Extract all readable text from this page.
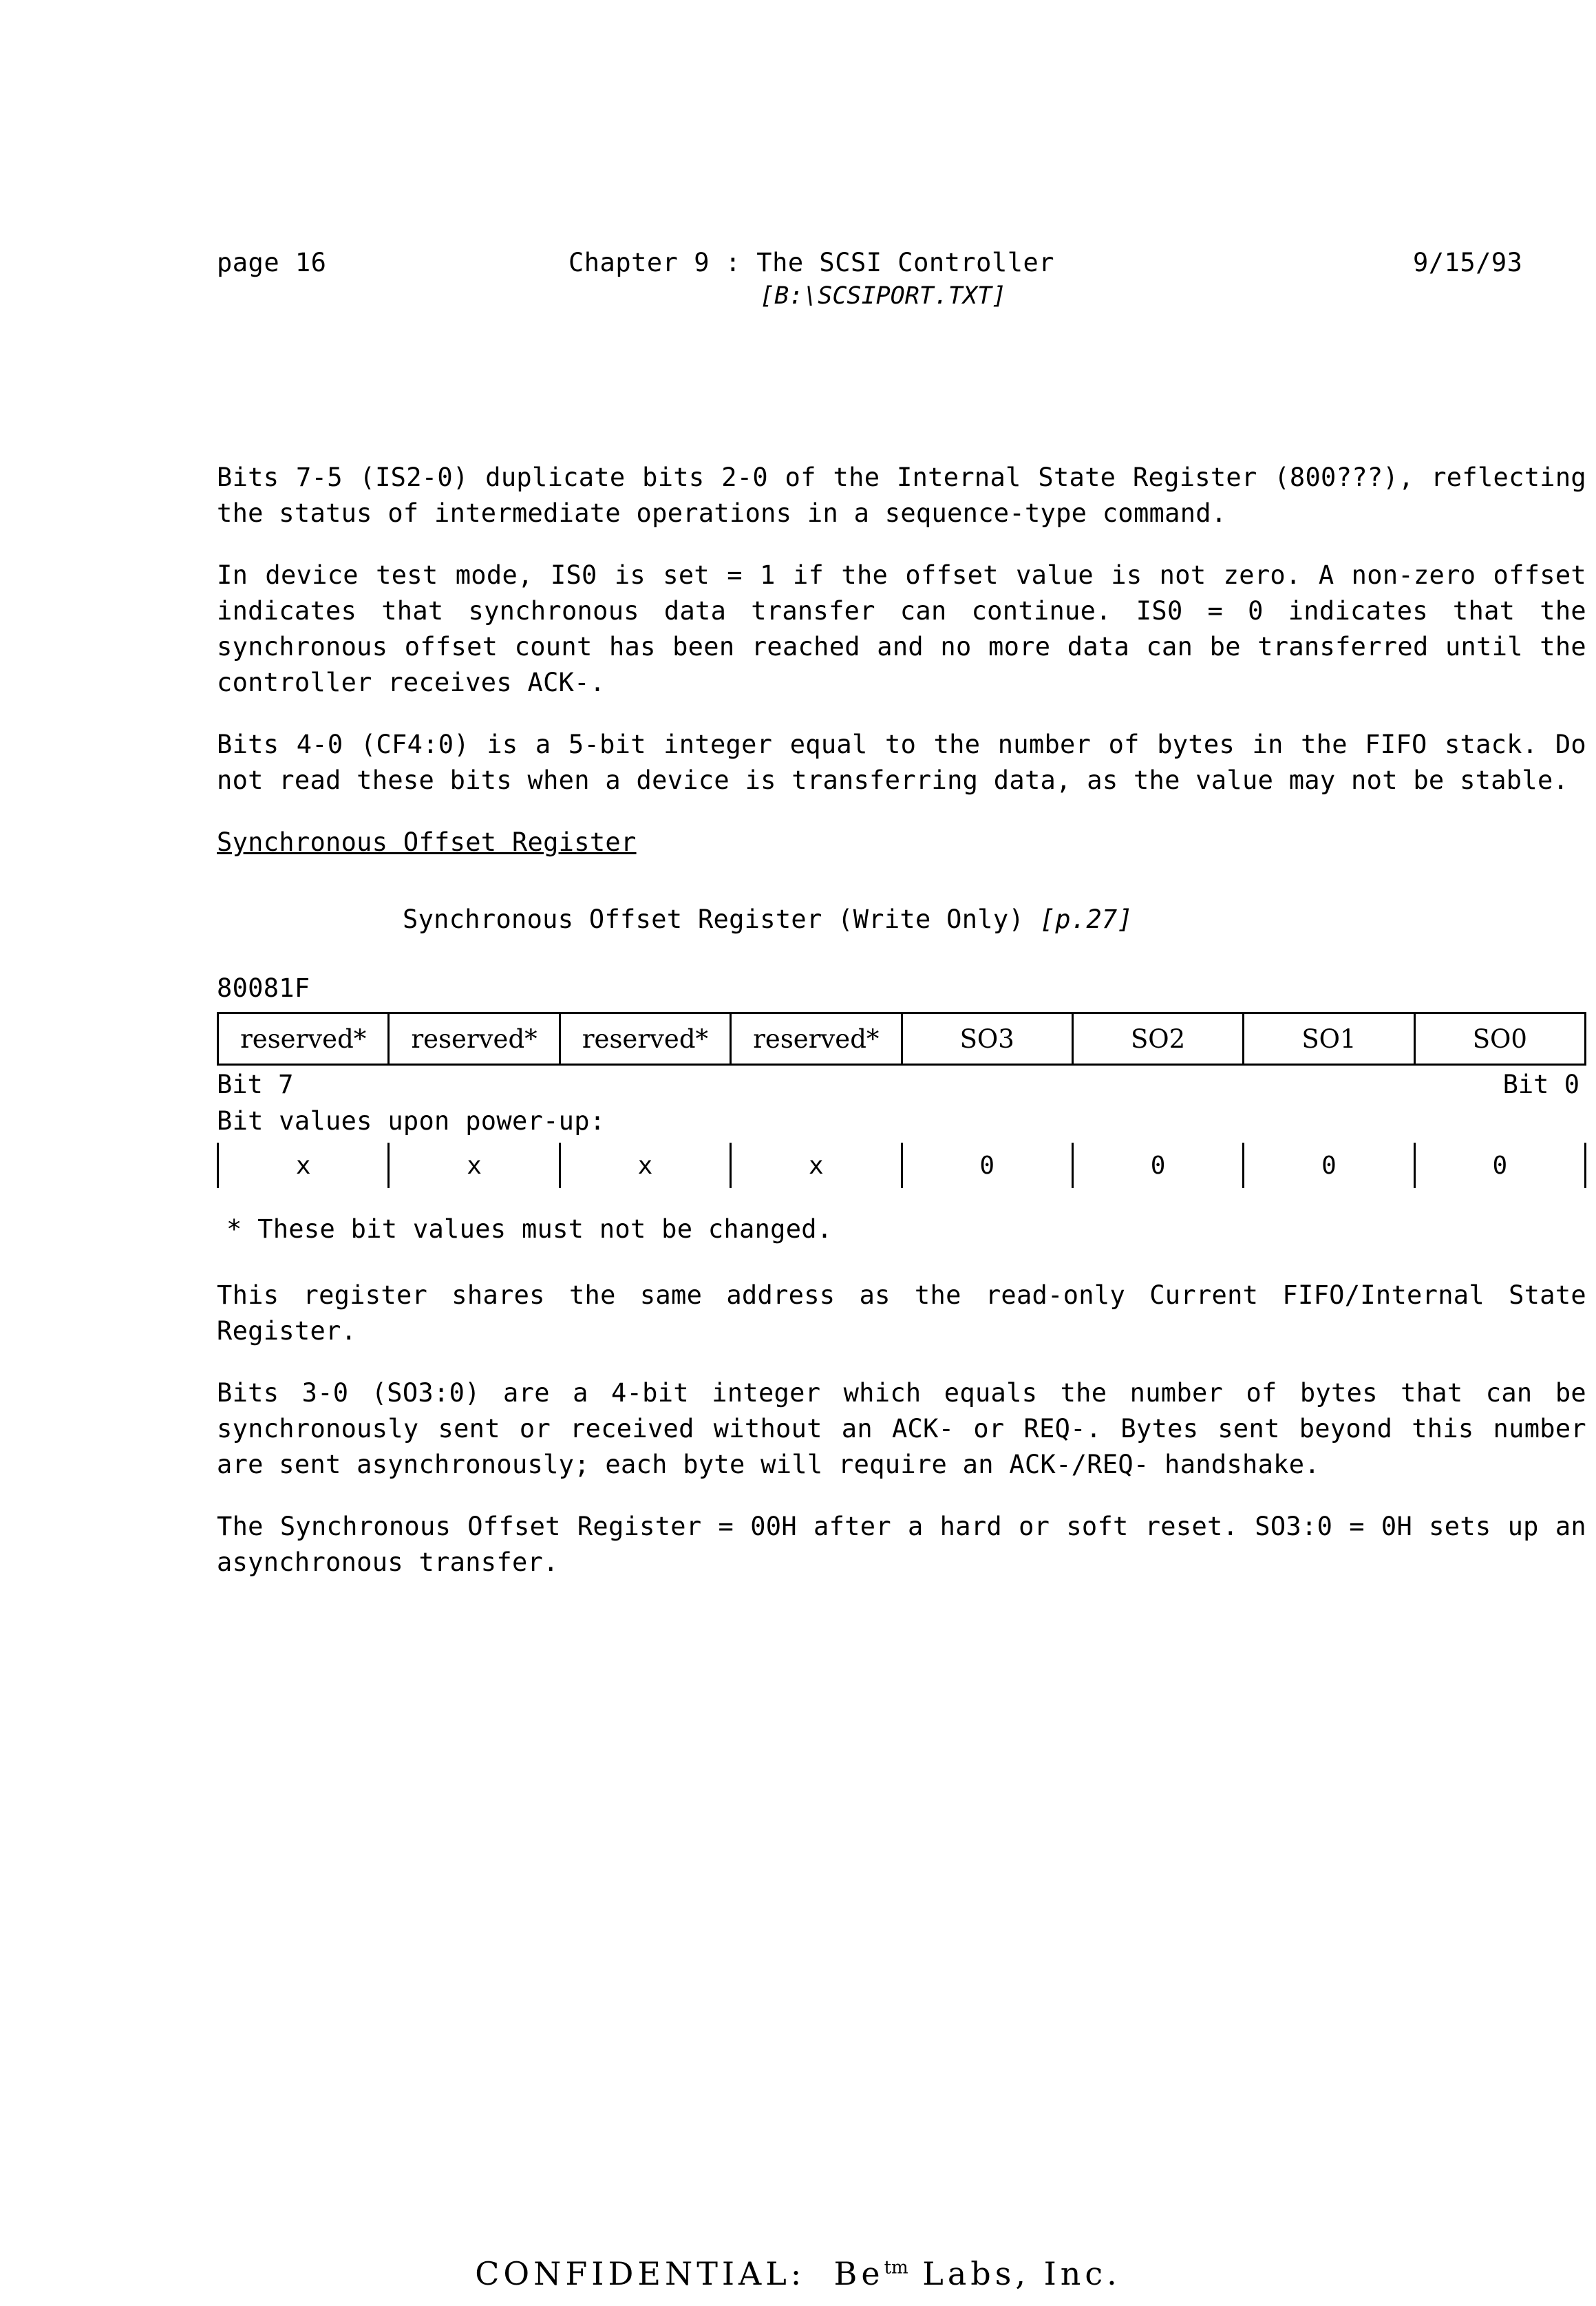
page 16	Chapter 9 : The SCSI Controller	9/15/93
[B:\SCSIPORT.TXT]

Bits 7-5 (IS2-0) duplicate bits 2-0 of the Internal State Register (800???), reflecting the status of intermediate operations in a sequence-type command.

In device test mode, IS0 is set = 1 if the offset value is not zero. A non-zero offset indicates that synchronous data transfer can continue. IS0 = 0 indicates that the synchronous offset count has been reached and no more data can be transferred until the controller receives ACK-.

Bits 4-0 (CF4:0) is a 5-bit integer equal to the number of bytes in the FIFO stack. Do not read these bits when a device is transferring data, as the value may not be stable.

Synchronous Offset Register
Synchronous Offset Register (Write Only) [p.27]
80081F
reserved*	reserved*	reserved*	reserved*	SO3	SO2	SO1	SO0
Bit 7	Bit 0
Bit values upon power-up:
x	x	x	x	0	0	0	0
* These bit values must not be changed.

This register shares the same address as the read-only Current FIFO/Internal State Register.

Bits 3-0 (SO3:0) are a 4-bit integer which equals the number of bytes that can be synchronously sent or received without an ACK- or REQ-. Bytes sent beyond this number are sent asynchronously; each byte will require an ACK-/REQ- handshake.

The Synchronous Offset Register = 00H after a hard or soft reset. SO3:0 = 0H sets up an asynchronous transfer.

CONFIDENTIAL:  $Be^{tm}$ Labs, Inc.
